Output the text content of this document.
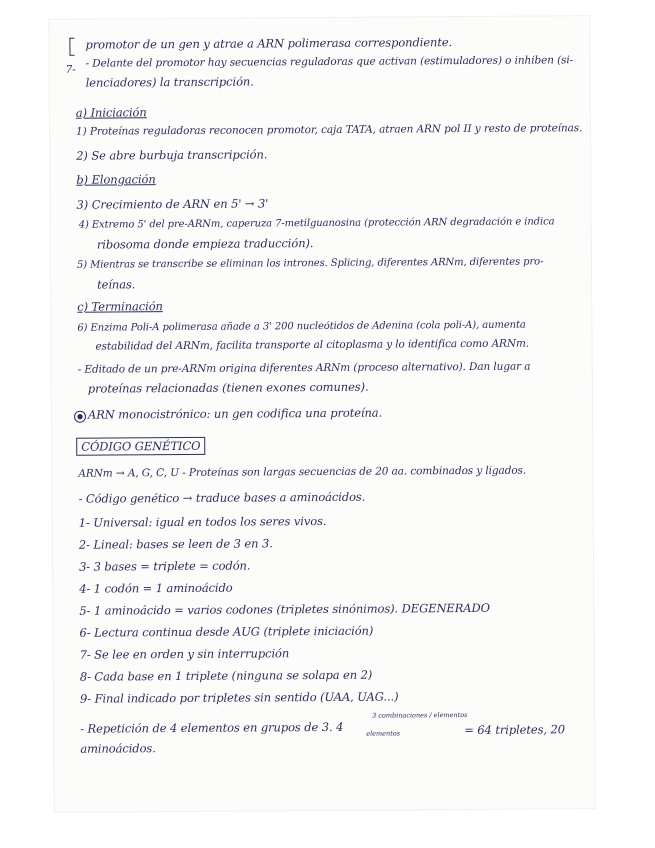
promotor de un gen y atrae a ARN polimerasa correspondiente.
7-
- Delante del promotor hay secuencias reguladoras que activan (estimuladores) o inhiben (si-
lenciadores) la transcripción.
a) Iniciación
1) Proteínas reguladoras reconocen promotor, caja TATA, atraen ARN pol II y resto de proteínas.
2) Se abre burbuja transcripción.
b) Elongación
3) Crecimiento de ARN en 5' → 3'
4) Extremo 5' del pre-ARNm, caperuza 7-metilguanosina (protección ARN degradación e indica
ribosoma donde empieza traducción).
5) Mientras se transcribe se eliminan los intrones. Splicing, diferentes ARNm, diferentes pro-
teínas.
c) Terminación
6) Enzima Poli-A polimerasa añade a 3' 200 nucleótidos de Adenina (cola poli-A), aumenta
estabilidad del ARNm, facilita transporte al citoplasma y lo identifica como ARNm.
- Editado de un pre-ARNm origina diferentes ARNm (proceso alternativo). Dan lugar a
proteínas relacionadas (tienen exones comunes).
ARN monocistrónico: un gen codifica una proteína.
CÓDIGO GENÉTICO
ARNm → A, G, C, U - Proteínas son largas secuencias de 20 aa. combinados y ligados.
- Código genético → traduce bases a aminoácidos.
1- Universal: igual en todos los seres vivos.
2- Lineal: bases se leen de 3 en 3.
3- 3 bases = triplete = codón.
4- 1 codón = 1 aminoácido
5- 1 aminoácido = varios codones (tripletes sinónimos). DEGENERADO
6- Lectura continua desde AUG (triplete iniciación)
7- Se lee en orden y sin interrupción
8- Cada base en 1 triplete (ninguna se solapa en 2)
9- Final indicado por tripletes sin sentido (UAA, UAG...)
- Repetición de 4 elementos en grupos de 3. 4
3 combinaciones / elementos
elementos	= 64 tripletes, 20
aminoácidos.
